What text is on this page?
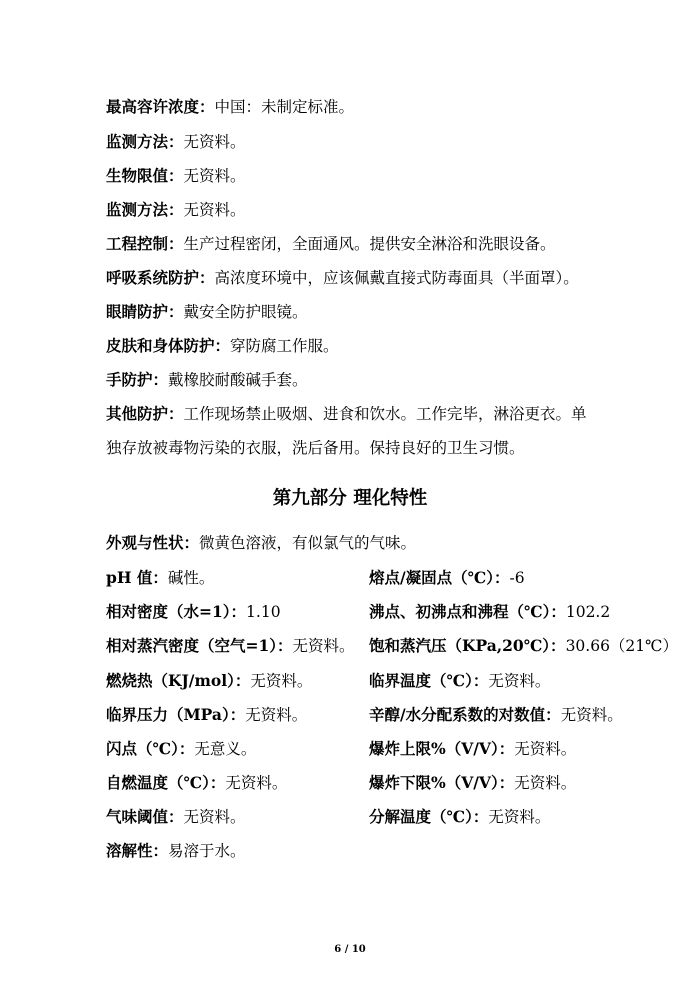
最高容许浓度：中国：未制定标准。
监测方法：无资料。
生物限值：无资料。
监测方法：无资料。
工程控制：生产过程密闭，全面通风。提供安全淋浴和洗眼设备。
呼吸系统防护：高浓度环境中，应该佩戴直接式防毒面具（半面罩）。
眼睛防护：戴安全防护眼镜。
皮肤和身体防护：穿防腐工作服。
手防护：戴橡胶耐酸碱手套。
其他防护：工作现场禁止吸烟、进食和饮水。工作完毕，淋浴更衣。单
独存放被毒物污染的衣服，洗后备用。保持良好的卫生习惯。
第九部分 理化特性
外观与性状：微黄色溶液，有似氯气的气味。
pH 值：碱性。	熔点/凝固点（℃）：-6
相对密度（水=1）：1.10	沸点、初沸点和沸程（℃）：102.2
相对蒸汽密度（空气=1）：无资料。 饱和蒸汽压（KPa,20℃）：30.66（21℃）
燃烧热（KJ/mol）：无资料。	临界温度（℃）：无资料。
临界压力（MPa）：无资料。	辛醇/水分配系数的对数值：无资料。
闪点（℃）：无意义。	爆炸上限%（V/V）：无资料。
自燃温度（℃）：无资料。	爆炸下限%（V/V）：无资料。
气味阈值：无资料。	分解温度（℃）：无资料。
溶解性：易溶于水。
6 / 10
